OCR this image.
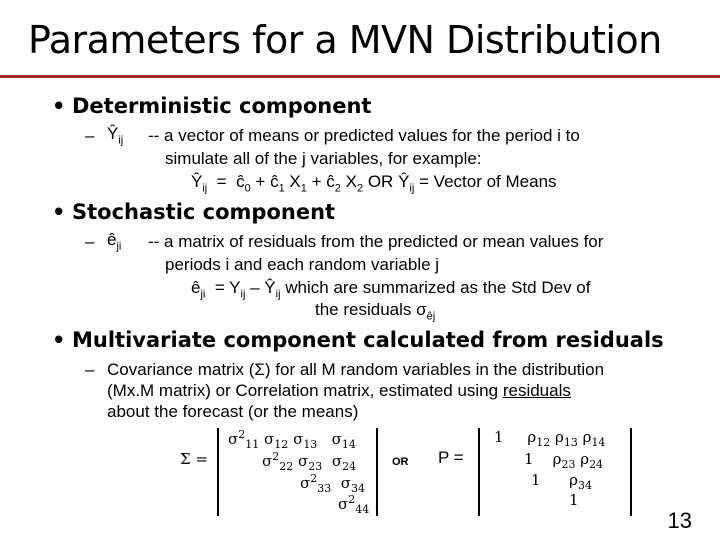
Parameters for a MVN Distribution
• Deterministic component
– $Ŷ_{ij}$ -- a vector of means or predicted values for the period i to
simulate all of the j variables, for example:
$Ŷ_{ij}$  =  $ĉ_0$ + $ĉ_1$ $X_1$ + $ĉ_2$ $X_2$ OR $Ŷ_{ij}$ = Vector of Means
• Stochastic component
– $ê_{ji}$ -- a matrix of residuals from the predicted or mean values for
periods i and each random variable j
$ê_{ji} = Y_{ij}$ – $Ŷ_{ij}$ which are summarized as the Std Dev of
the residuals $\sigma_{êj}$
• Multivariate component calculated from residuals
– Covariance matrix (Σ) for all M random variables in the distribution
(Mx.M matrix) or Correlation matrix, estimated using residuals
about the forecast (or the means)
Σ =
$\sigma^2_{11}$ $\sigma_{12}$ $\sigma_{13}$ $\sigma_{14}$
$\sigma^2_{22}$ $\sigma_{23}$ $\sigma_{24}$
$\sigma^2_{33}$ $\sigma_{34}$
$\sigma^2_{44}$
OR P =
1 $\rho_{12}$ $\rho_{13}$ $\rho_{14}$
1 $\rho_{23}$ $\rho_{24}$
1 $\rho_{34}$
1
13
